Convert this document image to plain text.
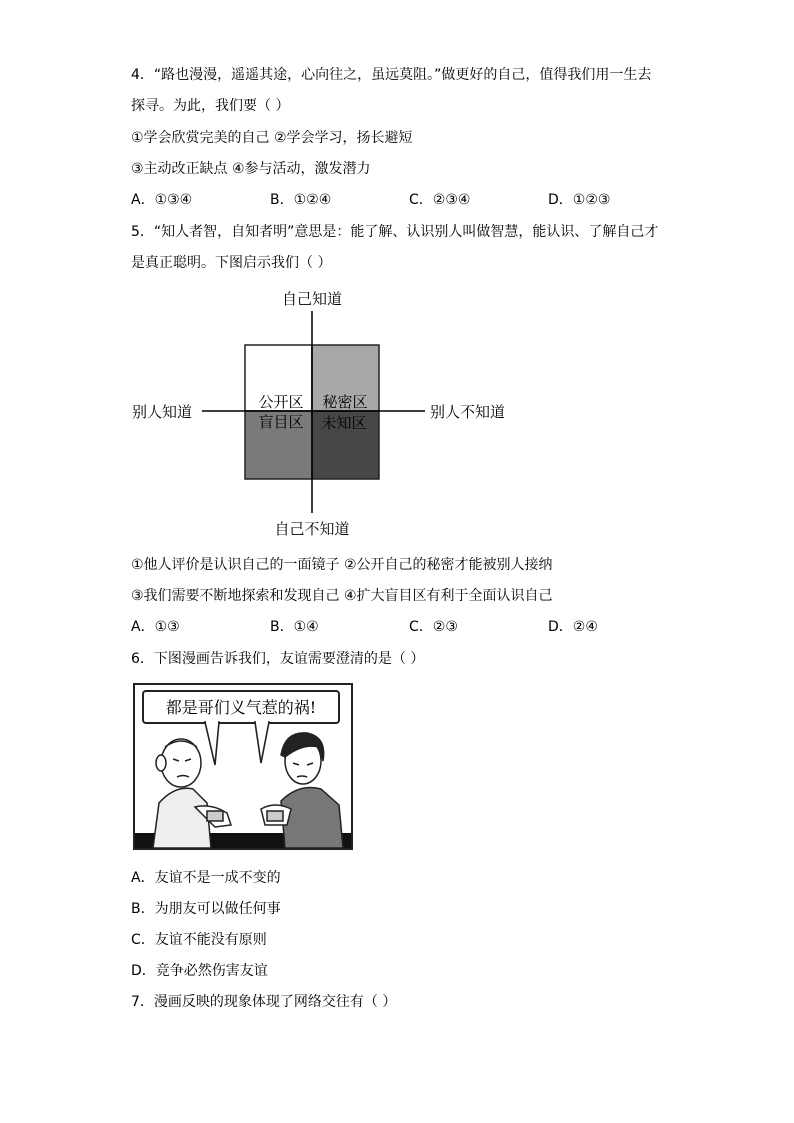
4．“路也漫漫，遥遥其途，心向往之，虽远莫阻。”做更好的自己，值得我们用一生去
探寻。为此，我们要（ ）
①学会欣赏完美的自己 ②学会学习，扬长避短
③主动改正缺点 ④参与活动，激发潜力
A．①③④	B．①②④	C．②③④	D．①②③
5．“知人者智，自知者明”意思是：能了解、认识别人叫做智慧，能认识、了解自己才
是真正聪明。下图启示我们（ ）
自己知道
自己不知道
别人知道	别人不知道
公开区 秘密区
盲目区 未知区
①他人评价是认识自己的一面镜子 ②公开自己的秘密才能被别人接纳
③我们需要不断地探索和发现自己 ④扩大盲目区有利于全面认识自己
A．①③	B．①④	C．②③	D．②④
6．下图漫画告诉我们，友谊需要澄清的是（ ）
都是哥们义气惹的祸!
A．友谊不是一成不变的
B．为朋友可以做任何事
C．友谊不能没有原则
D．竞争必然伤害友谊
7．漫画反映的现象体现了网络交往有（ ）
